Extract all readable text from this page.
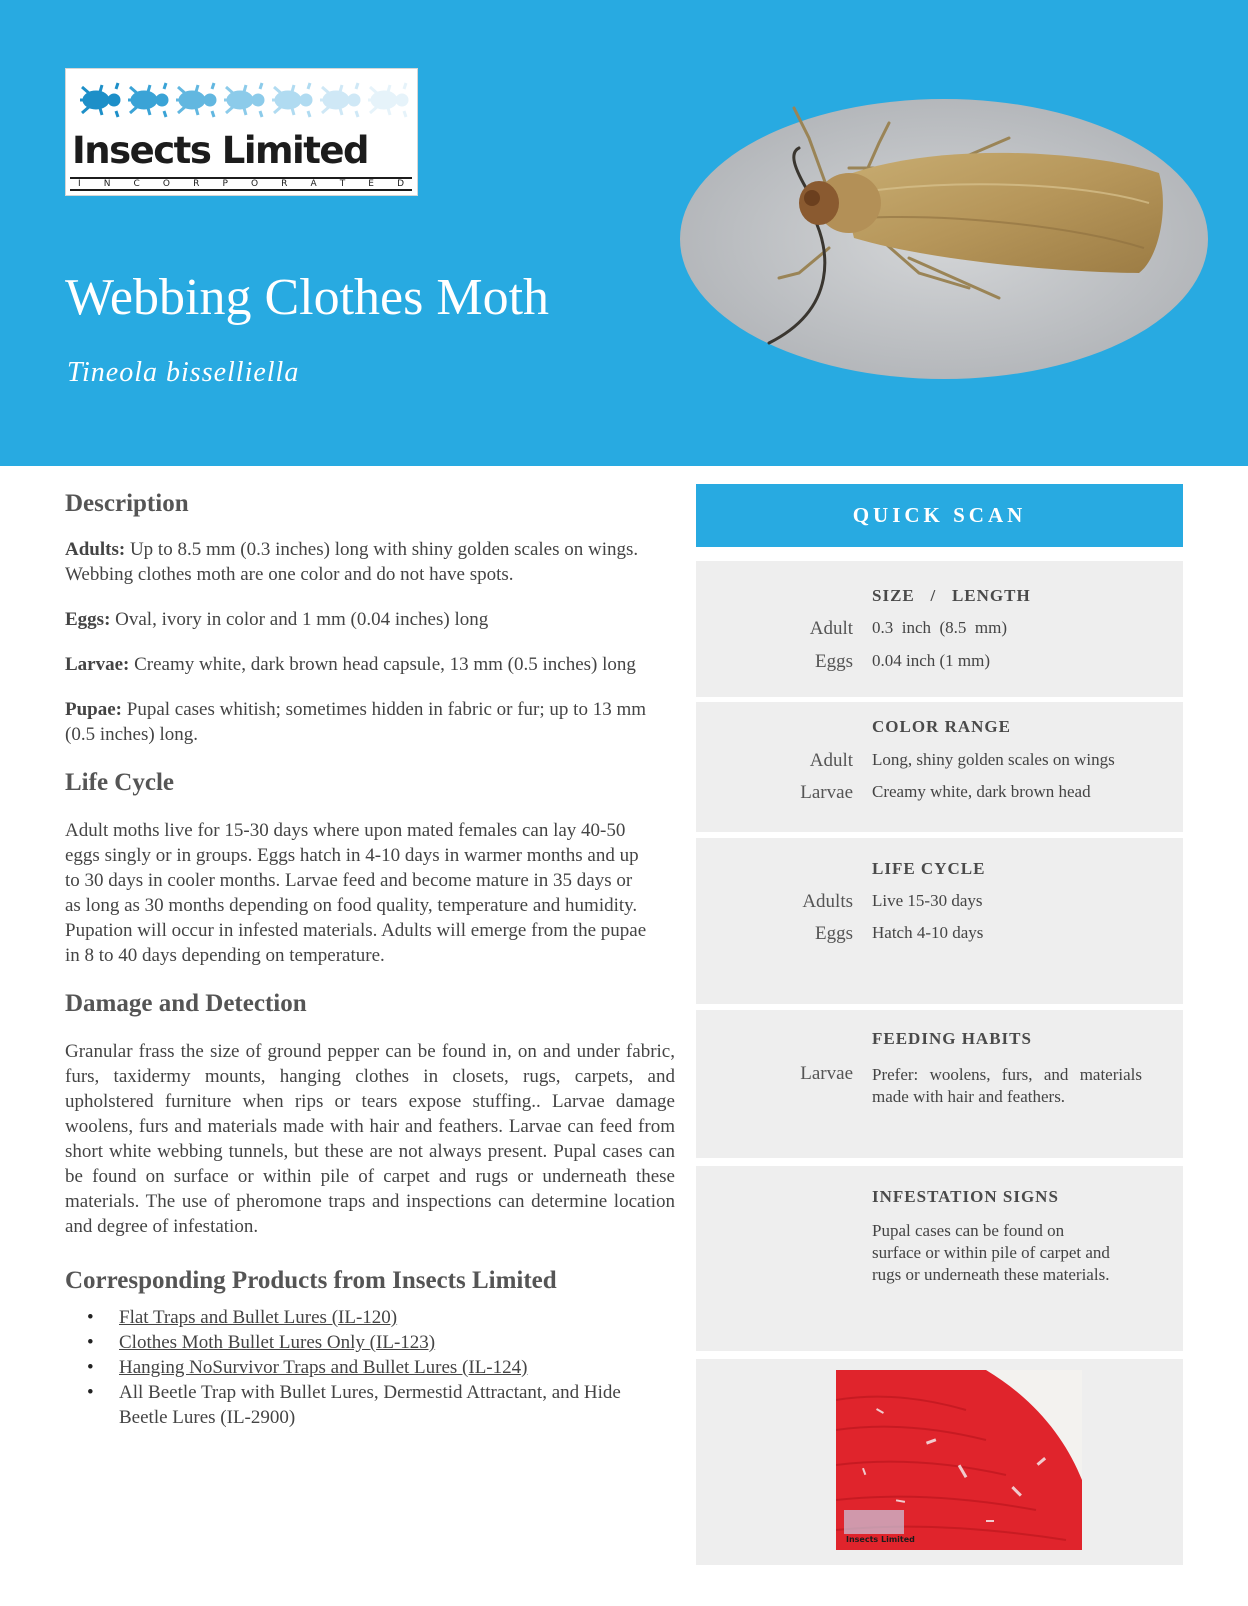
Insects Limited
I	N	C	O	R	P	O	R	A	T	E	D
Webbing Clothes Moth
Tineola bisselliella
Description

Adults: Up to 8.5 mm (0.3 inches) long with shiny golden scales on wings. Webbing clothes moth are one color and do not have spots.

Eggs: Oval, ivory in color and 1 mm (0.04 inches) long

Larvae: Creamy white, dark brown head capsule, 13 mm (0.5 inches) long

Pupae: Pupal cases whitish; sometimes hidden in fabric or fur; up to 13 mm (0.5 inches) long.

Life Cycle

Adult moths live for 15-30 days where upon mated females can lay 40-50 eggs singly or in groups. Eggs hatch in 4-10 days in warmer months and up to 30 days in cooler months. Larvae feed and become mature in 35 days or as long as 30 months depending on food quality, temperature and humidity. Pupation will occur in infested materials. Adults will emerge from the pupae in 8 to 40 days depending on temperature.

Damage and Detection

Granular frass the size of ground pepper can be found in, on and under fabric, furs, taxidermy mounts, hanging clothes in closets, rugs, carpets, and upholstered furniture when rips or tears expose stuffing.. Larvae damage woolens, furs and materials made with hair and feathers. Larvae can feed from short white webbing tunnels, but these are not always present. Pupal cases can be found on surface or within pile of carpet and rugs or underneath these materials. The use of pheromone traps and inspections can determine location and degree of infestation.

Corresponding Products from Insects Limited
• Flat Traps and Bullet Lures (IL-120)
• Clothes Moth Bullet Lures Only (IL-123)
• Hanging NoSurvivor Traps and Bullet Lures (IL-124)
• All Beetle Trap with Bullet Lures, Dermestid Attractant, and Hide Beetle Lures (IL-2900)
QUICK SCAN
SIZE   /   LENGTH
Adult 0.3  inch  (8.5  mm)
Eggs 0.04 inch (1 mm)
COLOR RANGE
Adult Long, shiny golden scales on wings
Larvae Creamy white, dark brown head
LIFE CYCLE
Adults Live 15-30 days
Eggs Hatch 4-10 days
FEEDING HABITS
Larvae Prefer: woolens, furs, and materials made with hair and feathers.
INFESTATION SIGNS
Pupal cases can be found on surface or within pile of carpet and rugs or underneath these materials.
Insects Limited
